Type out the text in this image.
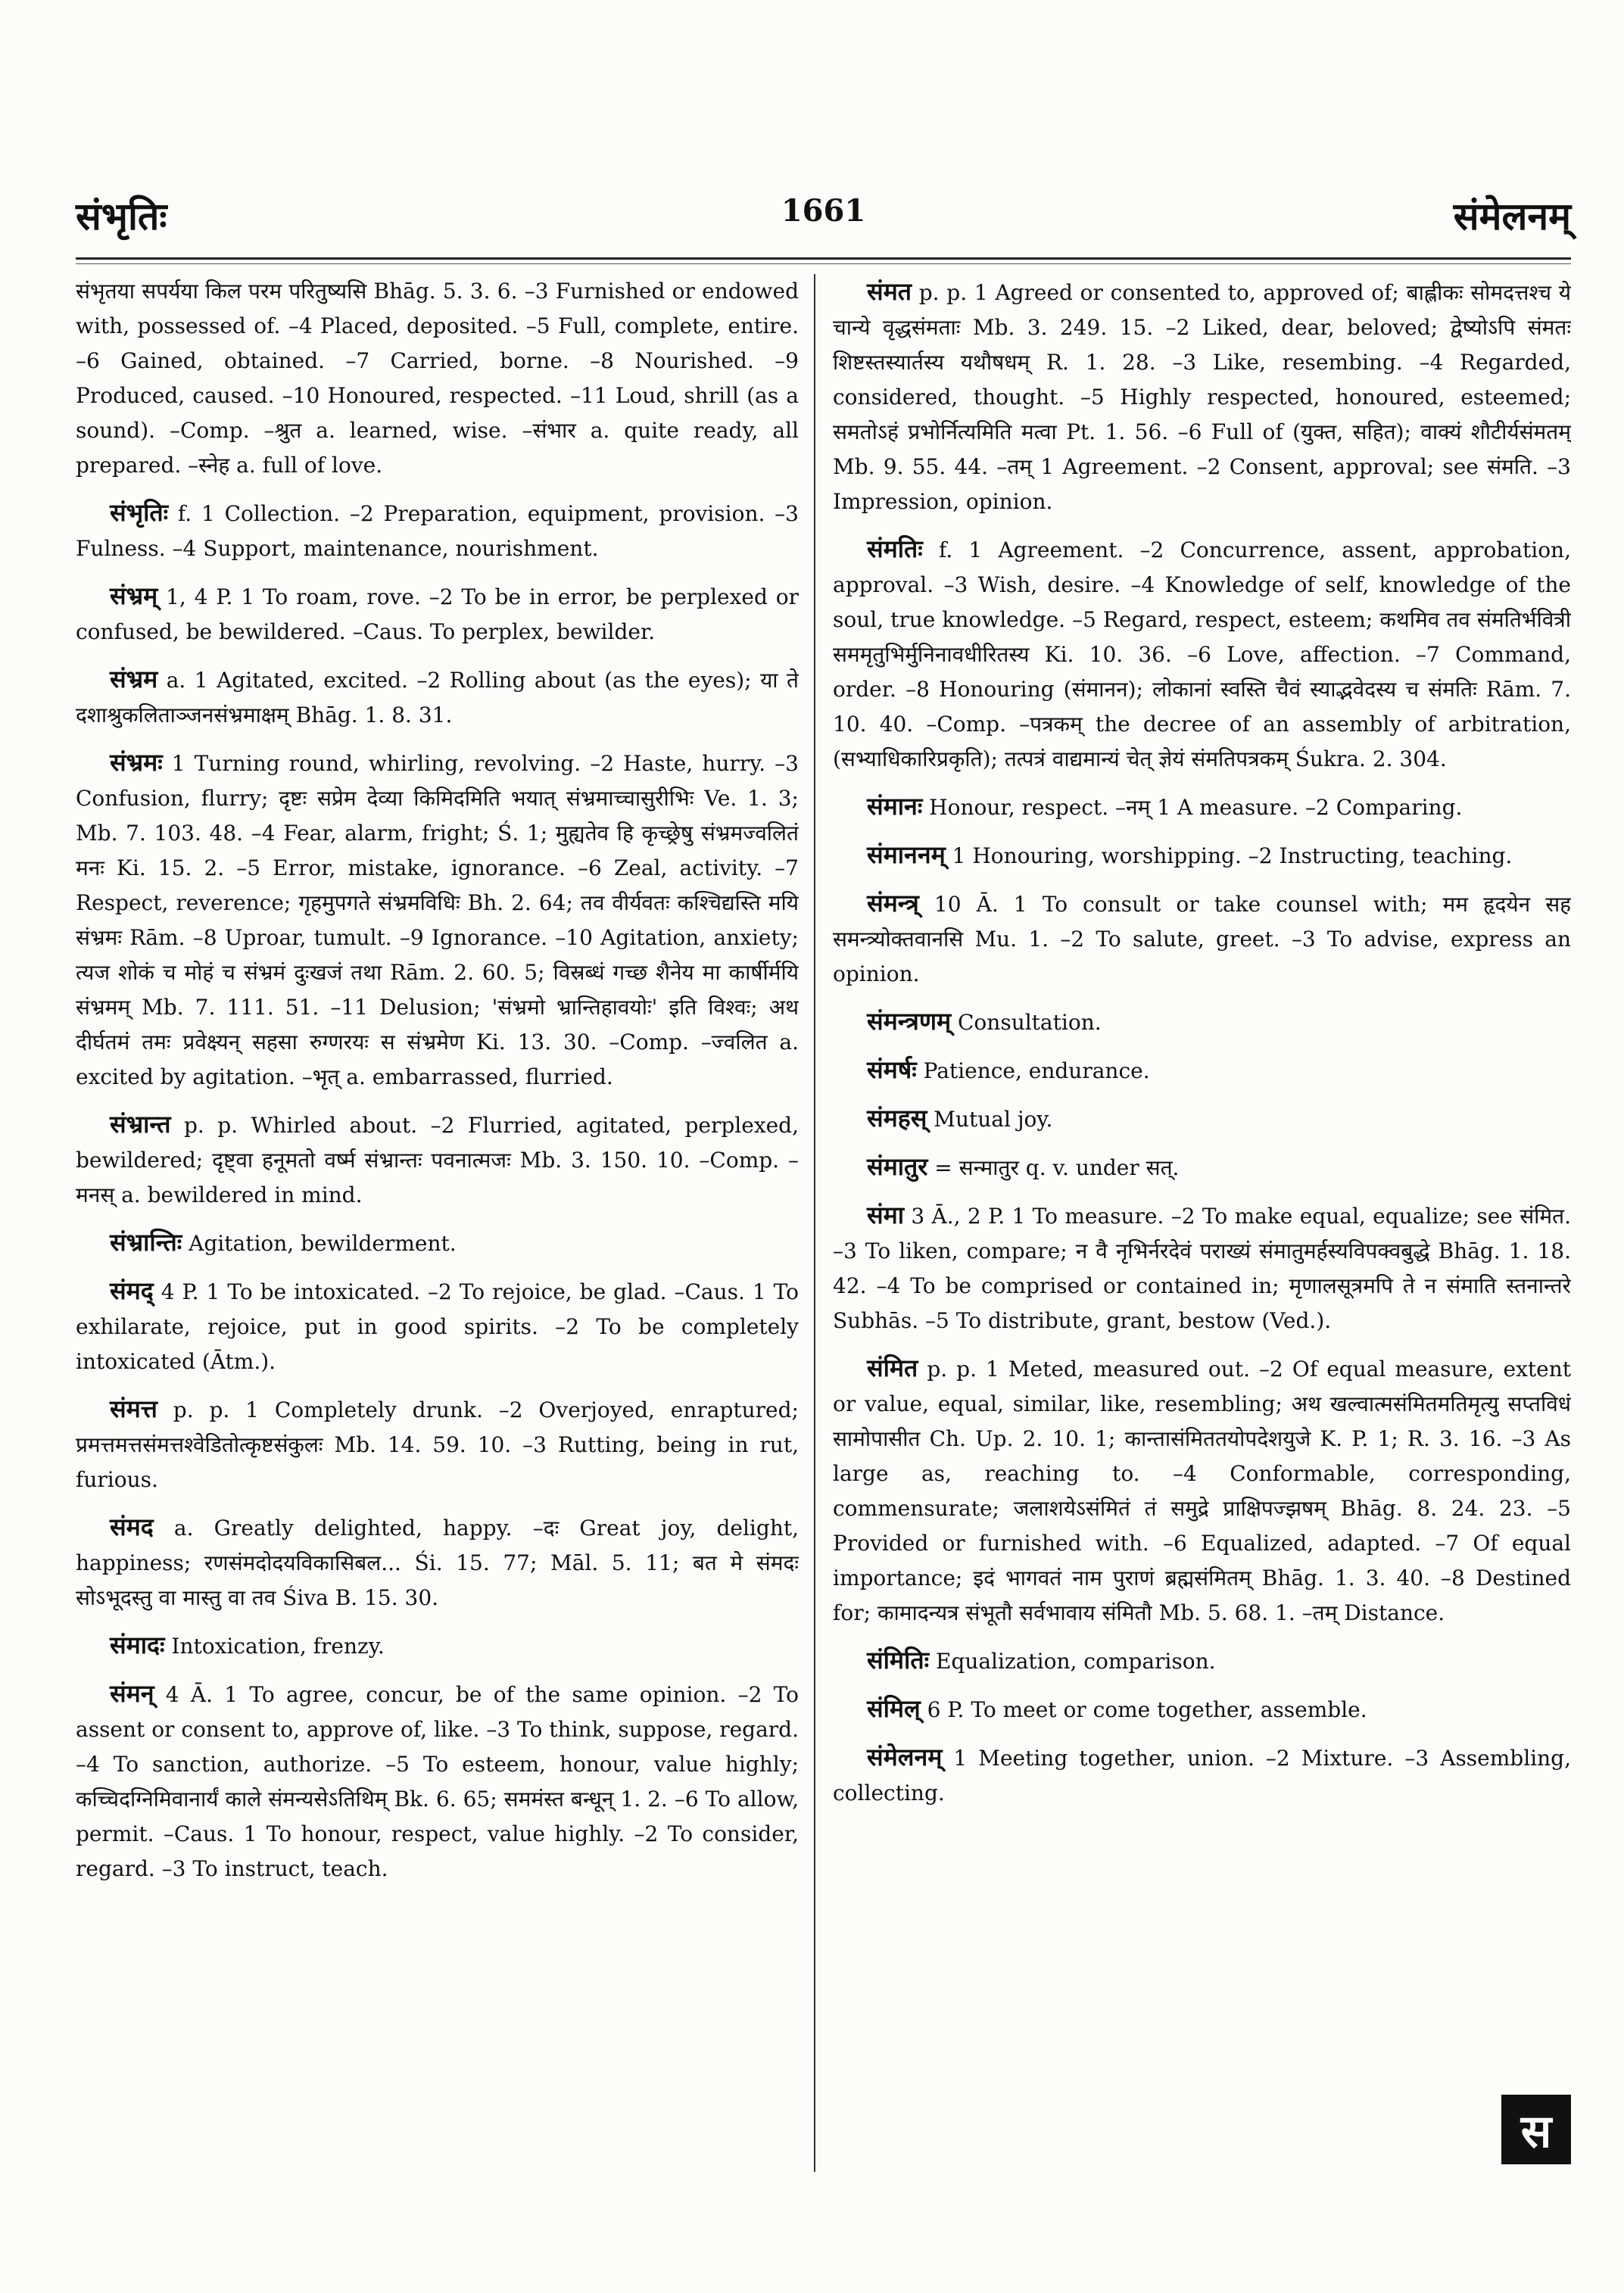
संभृतिः	1661	संमेलनम्

संभृतया सपर्यया किल परम परितुष्यसि Bhāg. 5. 3. 6. –3 Furnished or endowed with, possessed of. –4 Placed, deposited. –5 Full, complete, entire. –6 Gained, obtained. –7 Carried, borne. –8 Nourished. –9 Produced, caused. –10 Honoured, respected. –11 Loud, shrill (as a sound). –Comp. –श्रुत a. learned, wise. –संभार a. quite ready, all prepared. –स्नेह a. full of love.

संभृतिः f. 1 Collection. –2 Preparation, equipment, provision. –3 Fulness. –4 Support, maintenance, nourishment.

संभ्रम् 1, 4 P. 1 To roam, rove. –2 To be in error, be perplexed or confused, be bewildered. –Caus. To perplex, bewilder.

संभ्रम a. 1 Agitated, excited. –2 Rolling about (as the eyes); या ते दशाश्रुकलिताञ्जनसंभ्रमाक्षम् Bhāg. 1. 8. 31.

संभ्रमः 1 Turning round, whirling, revolving. –2 Haste, hurry. –3 Confusion, flurry; दृष्टः सप्रेम देव्या किमिदमिति भयात् संभ्रमाच्चासुरीभिः Ve. 1. 3; Mb. 7. 103. 48. –4 Fear, alarm, fright; Ś. 1; मुह्यतेव हि कृच्छ्रेषु संभ्रमज्वलितं मनः Ki. 15. 2. –5 Error, mistake, ignorance. –6 Zeal, activity. –7 Respect, reverence; गृहमुपगते संभ्रमविधिः Bh. 2. 64; तव वीर्यवतः कश्चिद्यस्ति मयि संभ्रमः Rām. –8 Uproar, tumult. –9 Ignorance. –10 Agitation, anxiety; त्यज शोकं च मोहं च संभ्रमं दुःखजं तथा Rām. 2. 60. 5; विस्रब्धं गच्छ शैनेय मा कार्षीर्मयि संभ्रमम् Mb. 7. 111. 51. –11 Delusion; 'संभ्रमो भ्रान्तिहावयोः' इति विश्वः; अथ दीर्घतमं तमः प्रवेक्ष्यन् सहसा रुग्णरयः स संभ्रमेण Ki. 13. 30. –Comp. –ज्वलित a. excited by agitation. –भृत् a. embarrassed, flurried.

संभ्रान्त p. p. Whirled about. –2 Flurried, agitated, perplexed, bewildered; दृष्ट्वा हनूमतो वर्ष्म संभ्रान्तः पवनात्मजः Mb. 3. 150. 10. –Comp. –मनस् a. bewildered in mind.

संभ्रान्तिः Agitation, bewilderment.

संमद् 4 P. 1 To be intoxicated. –2 To rejoice, be glad. –Caus. 1 To exhilarate, rejoice, put in good spirits. –2 To be completely intoxicated (Ātm.).

संमत्त p. p. 1 Completely drunk. –2 Overjoyed, enraptured; प्रमत्तमत्तसंमत्तश्वेडितोत्कृष्टसंकुलः Mb. 14. 59. 10. –3 Rutting, being in rut, furious.

संमद a. Greatly delighted, happy. –दः Great joy, delight, happiness; रणसंमदोदयविकासिबल... Śi. 15. 77; Māl. 5. 11; बत मे संमदः सोऽभूदस्तु वा मास्तु वा तव Śiva B. 15. 30.

संमादः Intoxication, frenzy.

संमन् 4 Ā. 1 To agree, concur, be of the same opinion. –2 To assent or consent to, approve of, like. –3 To think, suppose, regard. –4 To sanction, authorize. –5 To esteem, honour, value highly; कच्चिदग्निमिवानार्यं काले संमन्यसेऽतिथिम् Bk. 6. 65; सममंस्त बन्धून् 1. 2. –6 To allow, permit. –Caus. 1 To honour, respect, value highly. –2 To consider, regard. –3 To instruct, teach.

संमत p. p. 1 Agreed or consented to, approved of; बाह्लीकः सोमदत्तश्च ये चान्ये वृद्धसंमताः Mb. 3. 249. 15. –2 Liked, dear, beloved; द्वेष्योऽपि संमतः शिष्टस्तस्यार्तस्य यथौषधम् R. 1. 28. –3 Like, resembing. –4 Regarded, considered, thought. –5 Highly respected, honoured, esteemed; समतोऽहं प्रभोर्नित्यमिति मत्वा Pt. 1. 56. –6 Full of (युक्त, सहित); वाक्यं शौटीर्यसंमतम् Mb. 9. 55. 44. –तम् 1 Agreement. –2 Consent, approval; see संमति. –3 Impression, opinion.

संमतिः f. 1 Agreement. –2 Concurrence, assent, approbation, approval. –3 Wish, desire. –4 Knowledge of self, knowledge of the soul, true knowledge. –5 Regard, respect, esteem; कथमिव तव संमतिर्भवित्री सममृतुभिर्मुनिनावधीरितस्य Ki. 10. 36. –6 Love, affection. –7 Command, order. –8 Honouring (संमानन); लोकानां स्वस्ति चैवं स्याद्भवेदस्य च संमतिः Rām. 7. 10. 40. –Comp. –पत्रकम् the decree of an assembly of arbitration, (सभ्याधिकारिप्रकृति); तत्पत्रं वाद्यमान्यं चेत् ज्ञेयं संमतिपत्रकम् Śukra. 2. 304.

संमानः Honour, respect. –नम् 1 A measure. –2 Comparing.

संमाननम् 1 Honouring, worshipping. –2 Instructing, teaching.

संमन्त्र् 10 Ā. 1 To consult or take counsel with; मम हृदयेन सह समन्त्र्योक्तवानसि Mu. 1. –2 To salute, greet. –3 To advise, express an opinion.

संमन्त्रणम् Consultation.

संमर्षः Patience, endurance.

संमहस् Mutual joy.

संमातुर = सन्मातुर q. v. under सत्.

संमा 3 Ā., 2 P. 1 To measure. –2 To make equal, equalize; see संमित. –3 To liken, compare; न वै नृभिर्नरदेवं पराख्यं संमातुमर्हस्यविपक्वबुद्धे Bhāg. 1. 18. 42. –4 To be comprised or contained in; मृणालसूत्रमपि ते न संमाति स्तनान्तरे Subhās. –5 To distribute, grant, bestow (Ved.).

संमित p. p. 1 Meted, measured out. –2 Of equal measure, extent or value, equal, similar, like, resembling; अथ खल्वात्मसंमितमतिमृत्यु सप्तविधं सामोपासीत Ch. Up. 2. 10. 1; कान्तासंमिततयोपदेशयुजे K. P. 1; R. 3. 16. –3 As large as, reaching to. –4 Conformable, corresponding, commensurate; जलाशयेऽसंमितं तं समुद्रे प्राक्षिपज्झषम् Bhāg. 8. 24. 23. –5 Provided or furnished with. –6 Equalized, adapted. –7 Of equal importance; इदं भागवतं नाम पुराणं ब्रह्मसंमितम् Bhāg. 1. 3. 40. –8 Destined for; कामादन्यत्र संभूतौ सर्वभावाय संमितौ Mb. 5. 68. 1. –तम् Distance.

संमितिः Equalization, comparison.

संमिल् 6 P. To meet or come together, assemble.

संमेलनम् 1 Meeting together, union. –2 Mixture. –3 Assembling, collecting.

स
